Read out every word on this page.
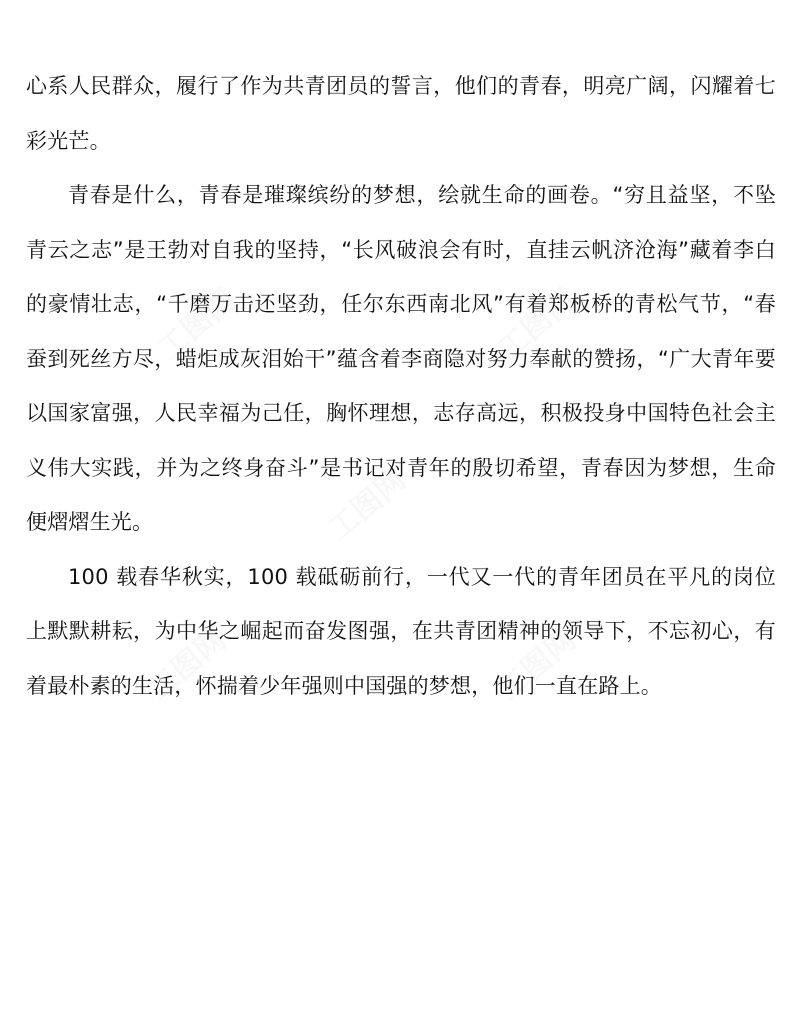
工图网	工图网
工图网
工图网	工图网

心系人民群众，履行了作为共青团员的誓言，他们的青春，明亮广阔，闪耀着七彩光芒。

青春是什么，青春是璀璨缤纷的梦想，绘就生命的画卷。“穷且益坚，不坠青云之志”是王勃对自我的坚持，“长风破浪会有时，直挂云帆济沧海”藏着李白的豪情壮志，“千磨万击还坚劲，任尔东西南北风”有着郑板桥的青松气节，“春蚕到死丝方尽，蜡炬成灰泪始干”蕴含着李商隐对努力奉献的赞扬，“广大青年要以国家富强，人民幸福为己任，胸怀理想，志存高远，积极投身中国特色社会主义伟大实践，并为之终身奋斗”是书记对青年的殷切希望，青春因为梦想，生命便熠熠生光。

100 载春华秋实，100 载砥砺前行，一代又一代的青年团员在平凡的岗位上默默耕耘，为中华之崛起而奋发图强，在共青团精神的领导下，不忘初心，有着最朴素的生活，怀揣着少年强则中国强的梦想，他们一直在路上。
